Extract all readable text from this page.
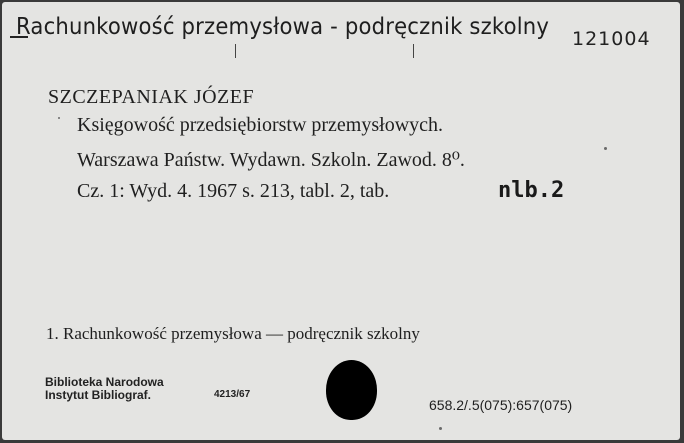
Rachunkowość przemysłowa - podręcznik szkolny	121004
SZCZEPANIAK JÓZEF
Księgowość przedsiębiorstw przemysłowych.
Warszawa Państw. Wydawn. Szkoln. Zawod. 8⁰.
Cz. 1: Wyd. 4. 1967 s. 213, tabl. 2, tab.	nlb.2
1. Rachunkowość przemysłowa — podręcznik szkolny
Biblioteka Narodowa
Instytut Bibliograf.	4213/67
658.2/.5(075):657(075)
